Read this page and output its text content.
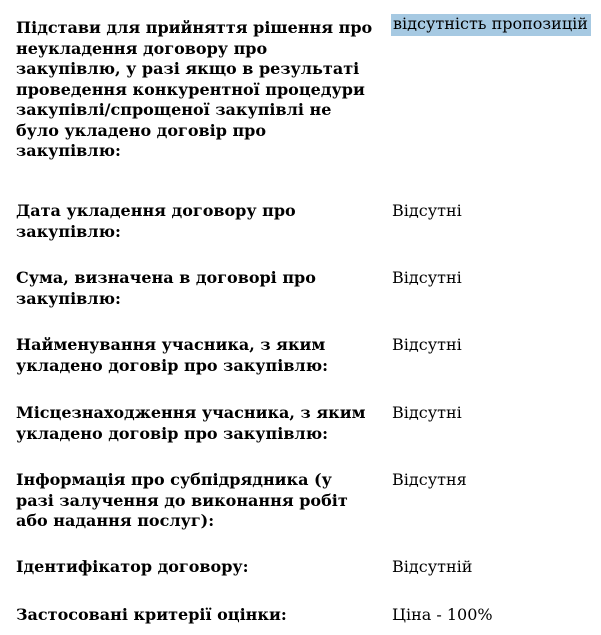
Підстави для прийняття рішення про неукладення договору про закупівлю, у разі якщо в результаті проведення конкурентної процедури закупівлі/спрощеної закупівлі не було укладено договір про закупівлю:
відсутність пропозицій
Дата укладення договору про закупівлю:
Відсутні
Сума, визначена в договорі про закупівлю:
Відсутні
Найменування учасника, з яким укладено договір про закупівлю:
Відсутні
Місцезнаходження учасника, з яким укладено договір про закупівлю:
Відсутні
Інформація про субпідрядника (у разі залучення до виконання робіт або надання послуг):
Відсутня
Ідентифікатор договору:	Відсутній
Застосовані критерії оцінки:	Ціна - 100%
